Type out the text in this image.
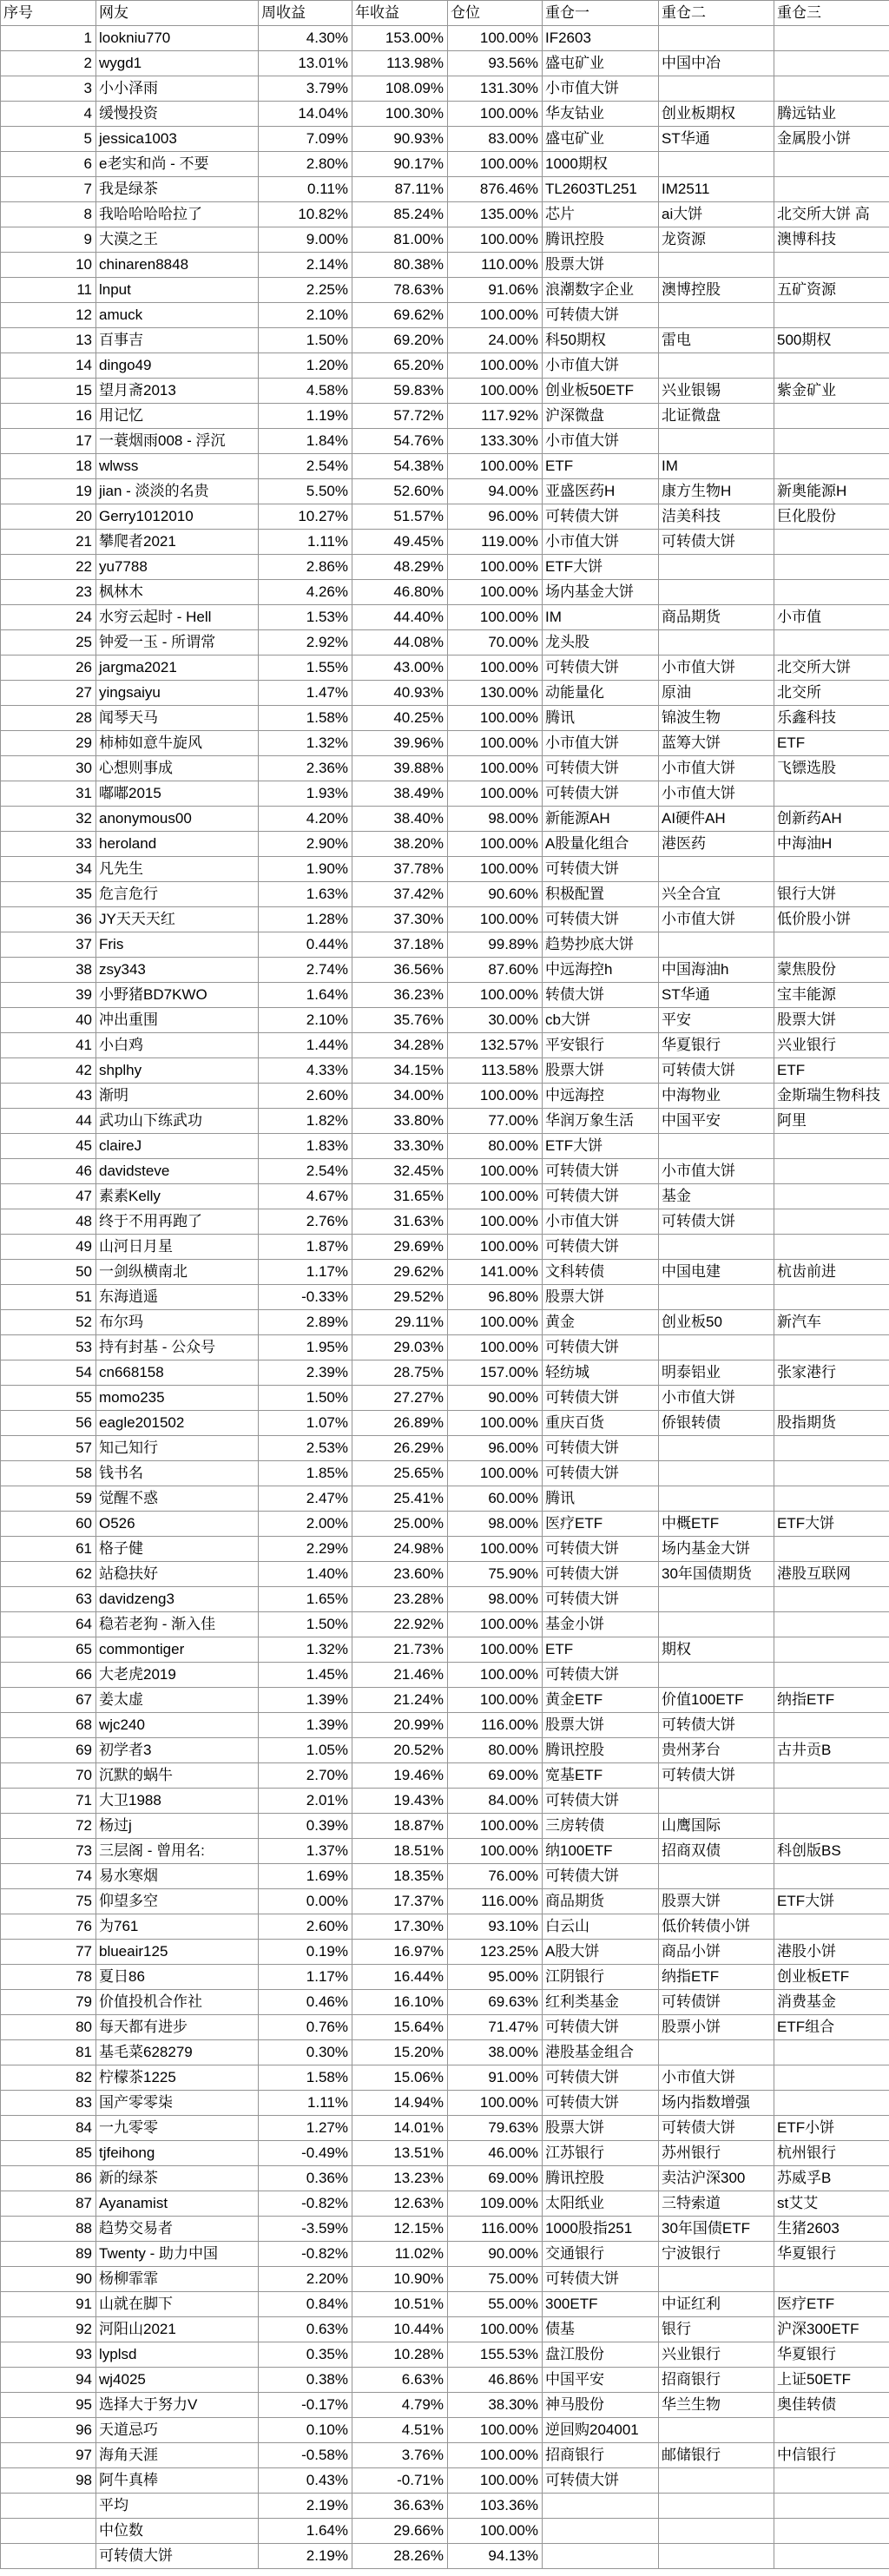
序号	网友	周收益	年收益	仓位	重仓一	重仓二	重仓三
1	lookniu770	4.30%	153.00%	100.00%	IF2603		
2	wygd1	13.01%	113.98%	93.56%	盛屯矿业	中国中冶	
3	小小泽雨	3.79%	108.09%	131.30%	小市值大饼		
4	缓慢投资	14.04%	100.30%	100.00%	华友钴业	创业板期权	腾远钴业
5	jessica1003	7.09%	90.93%	83.00%	盛屯矿业	ST华通	金属股小饼
6	e老实和尚 - 不要	2.80%	90.17%	100.00%	1000期权		
7	我是绿茶	0.11%	87.11%	876.46%	TL2603TL251	IM2511	
8	我哈哈哈哈拉了	10.82%	85.24%	135.00%	芯片	ai大饼	北交所大饼 高
9	大漠之王	9.00%	81.00%	100.00%	腾讯控股	龙资源	澳博科技
10	chinaren8848	2.14%	80.38%	110.00%	股票大饼		
11	lnput	2.25%	78.63%	91.06%	浪潮数字企业	澳博控股	五矿资源
12	amuck	2.10%	69.62%	100.00%	可转债大饼		
13	百事吉	1.50%	69.20%	24.00%	科50期权	雷电	500期权
14	dingo49	1.20%	65.20%	100.00%	小市值大饼		
15	望月斋2013	4.58%	59.83%	100.00%	创业板50ETF	兴业银锡	紫金矿业
16	用记忆	1.19%	57.72%	117.92%	沪深微盘	北证微盘	
17	一蓑烟雨008 - 浮沉	1.84%	54.76%	133.30%	小市值大饼		
18	wlwss	2.54%	54.38%	100.00%	ETF	IM	
19	jian - 淡淡的名贵	5.50%	52.60%	94.00%	亚盛医药H	康方生物H	新奥能源H
20	Gerry1012010	10.27%	51.57%	96.00%	可转债大饼	洁美科技	巨化股份
21	攀爬者2021	1.11%	49.45%	119.00%	小市值大饼	可转债大饼	
22	yu7788	2.86%	48.29%	100.00%	ETF大饼		
23	枫林木	4.26%	46.80%	100.00%	场内基金大饼		
24	水穷云起时 - Hell	1.53%	44.40%	100.00%	IM	商品期货	小市值
25	钟爱一玉 - 所谓常	2.92%	44.08%	70.00%	龙头股		
26	jargma2021	1.55%	43.00%	100.00%	可转债大饼	小市值大饼	北交所大饼
27	yingsaiyu	1.47%	40.93%	130.00%	动能量化	原油	北交所
28	闻琴天马	1.58%	40.25%	100.00%	腾讯	锦波生物	乐鑫科技
29	柿柿如意牛旋风	1.32%	39.96%	100.00%	小市值大饼	蓝筹大饼	ETF
30	心想则事成	2.36%	39.88%	100.00%	可转债大饼	小市值大饼	飞镖选股
31	嘟嘟2015	1.93%	38.49%	100.00%	可转债大饼	小市值大饼	
32	anonymous00	4.20%	38.40%	98.00%	新能源AH	AI硬件AH	创新药AH
33	heroland	2.90%	38.20%	100.00%	A股量化组合	港医药	中海油H
34	凡先生	1.90%	37.78%	100.00%	可转债大饼		
35	危言危行	1.63%	37.42%	90.60%	积极配置	兴全合宜	银行大饼
36	JY天天天红	1.28%	37.30%	100.00%	可转债大饼	小市值大饼	低价股小饼
37	Fris	0.44%	37.18%	99.89%	趋势抄底大饼		
38	zsy343	2.74%	36.56%	87.60%	中远海控h	中国海油h	蒙焦股份
39	小野猪BD7KWO	1.64%	36.23%	100.00%	转债大饼	ST华通	宝丰能源
40	冲出重围	2.10%	35.76%	30.00%	cb大饼	平安	股票大饼
41	小白鸡	1.44%	34.28%	132.57%	平安银行	华夏银行	兴业银行
42	shplhy	4.33%	34.15%	113.58%	股票大饼	可转债大饼	ETF
43	渐明	2.60%	34.00%	100.00%	中远海控	中海物业	金斯瑞生物科技
44	武功山下练武功	1.82%	33.80%	77.00%	华润万象生活	中国平安	阿里
45	claireJ	1.83%	33.30%	80.00%	ETF大饼		
46	davidsteve	2.54%	32.45%	100.00%	可转债大饼	小市值大饼	
47	素素Kelly	4.67%	31.65%	100.00%	可转债大饼	基金	
48	终于不用再跑了	2.76%	31.63%	100.00%	小市值大饼	可转债大饼	
49	山河日月星	1.87%	29.69%	100.00%	可转债大饼		
50	一剑纵横南北	1.17%	29.62%	141.00%	文科转债	中国电建	杭齿前进
51	东海逍遥	-0.33%	29.52%	96.80%	股票大饼		
52	布尔玛	2.89%	29.11%	100.00%	黄金	创业板50	新汽车
53	持有封基 - 公众号	1.95%	29.03%	100.00%	可转债大饼		
54	cn668158	2.39%	28.75%	157.00%	轻纺城	明泰铝业	张家港行
55	momo235	1.50%	27.27%	90.00%	可转债大饼	小市值大饼	
56	eagle201502	1.07%	26.89%	100.00%	重庆百货	侨银转债	股指期货
57	知己知行	2.53%	26.29%	96.00%	可转债大饼		
58	钱书名	1.85%	25.65%	100.00%	可转债大饼		
59	觉醒不惑	2.47%	25.41%	60.00%	腾讯		
60	O526	2.00%	25.00%	98.00%	医疗ETF	中概ETF	ETF大饼
61	格子健	2.29%	24.98%	100.00%	可转债大饼	场内基金大饼	
62	站稳扶好	1.40%	23.60%	75.90%	可转债大饼	30年国债期货	港股互联网
63	davidzeng3	1.65%	23.28%	98.00%	可转债大饼		
64	稳若老狗 - 渐入佳	1.50%	22.92%	100.00%	基金小饼		
65	commontiger	1.32%	21.73%	100.00%	ETF	期权	
66	大老虎2019	1.45%	21.46%	100.00%	可转债大饼		
67	姜太虚	1.39%	21.24%	100.00%	黄金ETF	价值100ETF	纳指ETF
68	wjc240	1.39%	20.99%	116.00%	股票大饼	可转债大饼	
69	初学者3	1.05%	20.52%	80.00%	腾讯控股	贵州茅台	古井贡B
70	沉默的蜗牛	2.70%	19.46%	69.00%	宽基ETF	可转债大饼	
71	大卫1988	2.01%	19.43%	84.00%	可转债大饼		
72	杨过j	0.39%	18.87%	100.00%	三房转债	山鹰国际	
73	三层阁 - 曾用名:	1.37%	18.51%	100.00%	纳100ETF	招商双债	科创版BS
74	易水寒烟	1.69%	18.35%	76.00%	可转债大饼		
75	仰望多空	0.00%	17.37%	116.00%	商品期货	股票大饼	ETF大饼
76	为761	2.60%	17.30%	93.10%	白云山	低价转债小饼	
77	blueair125	0.19%	16.97%	123.25%	A股大饼	商品小饼	港股小饼
78	夏日86	1.17%	16.44%	95.00%	江阴银行	纳指ETF	创业板ETF
79	价值投机合作社	0.46%	16.10%	69.63%	红利类基金	可转债饼	消费基金
80	每天都有进步	0.76%	15.64%	71.47%	可转债大饼	股票小饼	ETF组合
81	基毛菜628279	0.30%	15.20%	38.00%	港股基金组合		
82	柠檬茶1225	1.58%	15.06%	91.00%	可转债大饼	小市值大饼	
83	国产零零柒	1.11%	14.94%	100.00%	可转债大饼	场内指数增强	
84	一九零零	1.27%	14.01%	79.63%	股票大饼	可转债大饼	ETF小饼
85	tjfeihong	-0.49%	13.51%	46.00%	江苏银行	苏州银行	杭州银行
86	新的绿茶	0.36%	13.23%	69.00%	腾讯控股	卖沽沪深300	苏威孚B
87	Ayanamist	-0.82%	12.63%	109.00%	太阳纸业	三特索道	st艾艾
88	趋势交易者	-3.59%	12.15%	116.00%	1000股指251	30年国债ETF	生猪2603
89	Twenty - 助力中国	-0.82%	11.02%	90.00%	交通银行	宁波银行	华夏银行
90	杨柳霏霏	2.20%	10.90%	75.00%	可转债大饼		
91	山就在脚下	0.84%	10.51%	55.00%	300ETF	中证红利	医疗ETF
92	河阳山2021	0.63%	10.44%	100.00%	债基	银行	沪深300ETF
93	lyplsd	0.35%	10.28%	155.53%	盘江股份	兴业银行	华夏银行
94	wj4025	0.38%	6.63%	46.86%	中国平安	招商银行	上证50ETF
95	选择大于努力V	-0.17%	4.79%	38.30%	神马股份	华兰生物	奥佳转债
96	天道忌巧	0.10%	4.51%	100.00%	逆回购204001		
97	海角天涯	-0.58%	3.76%	100.00%	招商银行	邮储银行	中信银行
98	阿牛真棒	0.43%	-0.71%	100.00%	可转债大饼		
	平均	2.19%	36.63%	103.36%			
	中位数	1.64%	29.66%	100.00%			
	可转债大饼	2.19%	28.26%	94.13%			
